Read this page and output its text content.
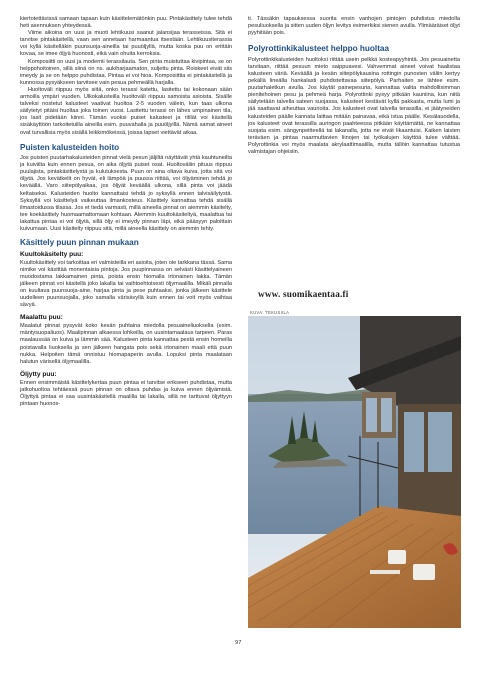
kiertotettävissä samaan tapaan kuin käsittelemätönkin puu. Pintakäsittely tulee tehdä heti asennuksen yhteydessä.

Viime aikoina on uusi ja muoti lehtikuusi saanut jalansijaa terasseissa. Sitä ei tarvitse pintakäsitellä, vaan sen annetaan harmaantua itsestään. Lehtikuusiterassia voi kyllä käsitelläkin puunsuoja-aineilla tai puuöljyllä, mutta koska puu on erittäin kovaa, se imee öljyä huonosti, eikä vain ohuita kerroksia.

Komposiitti on uusi ja modernii terassilauta. Sen pinta muistuttaa kivipintaa, se on helppohoitoinen, sillä siinä on ns. aukiharjaamaton, suljettu pinta. Roiskeet eivät siis imeydy ja se on helppo puhdistaa. Pintaa ei voi hioa. Komposiittia ei pintakäsitellä ja kunnossa pysyäkseen tarvitsee vain pesua pehmeällä harjalla.

Huoltoväli riippuu myös siitä, onko terassi katettu, lasitettu tai kokonaan sään armoilla ympäri vuoden. Ulkokalusteilla huoltoväli riippuu samoista asioista. Sisälle talveksi nostetut kalusteet vaativat huoltoa 2-5 vuoden välein, kun taas ulkona säilytetyt pitäisi huoltaa joka toinen vuosi. Lasitettu terassi on lähes umpinainen tila, jos lasit pidetään kiinni. Tämän vuoksi puiset kalusteet ja ritilät voi käsitellä sisäkäyttöön tarkoitetuilla aineilla esim. puuvahalla ja puuöljyillä. Nämä samat aineet ovat turvallisia myös sisällä leikkimökeissä, joissa lapset viettävät aikaa.

Puisten kalusteiden hoito

Jos puisten puutarhakalusteiden pinnat vielä pesun jäljiltä näyttävät yhtä kauhtuneilta ja kuiviilta kuin ennen pesua, on aika öljytä puiset osat. Huoltoväliin pituus riippuu puulajista, pintakäsittelystä ja kulutuksesta. Puun on aina oltava kuiva, jotta sitä voi öljytä. Jos kevätkelit on hyvät, eli lämpöä ja puussa riittää, voi öljyäminen tehdä jo keväällä. Varo siitepölyaikaa, jos öljyät keväällä ulkona, sillä pinta voi jäädä keltaiseksi. Kalusteiden huolto kannattaisi tehdä jo syksyllä ennen talvisäilytystä. Syksyllä voi käsittelyä vaikeuttaa ilmankosteus. Käsittely kannattaa tehdä sisällä ilmastoidussa tilassa. Jos et tiedä varmasti, millä aineella pinnat on aiemmin käsitelty, tee koekäsittely huomaamattomaan kohtaan. Alemmin kuultokäsiteltyä, maalattua tai lakattua pintaa ei voi öljytä, sillä öljy ei imeydy pinnan läpi, eikä pääsyyn paloittain kuivumaan. Uusi käsitelty riippuu sitä, millä aineella käsittely on aiemmin tehty.

Käsittely puun pinnan mukaan
Kuultokäsitelty puu:

Kuultokäsittely voi tarkoittaa eri valmisteilla eri asioita, joten ole tarkkana tässä. Sama nimike voi käsittää monentaisia pintoja. Jos puupinnassa on selvästi käsittelyaineen muodostama lakkamainen pinta, poista ensin hiomalla irtonainen lakka. Tämän jälkeen pinnat voi käsitellä joko lakalla tai vaihtoehtoisesti öljymaalilla. Mikäli pinnalla on kuultava puunsuoja-aine, harjaa pinta ja pese puhtaaksi, jonka jälkeen käsittele uudelleen puunsuojalla, joko samalla värisävyllä kuin ennen tai voit myös vaihtaa sävyä.

Maalattu puu:

Maalatut pinnat pysyvät koko kesän puhtaina miedolla pesuaineliuoksella (esim. mäntysuopaliuos). Maalipinnan alkaessa lohkeilla, on uusintamaalaus tarpeen. Paras maalaussää on kuiva ja lämmin sää. Kalusteen pinta kannattaa pestä ensin homeilla poistavalla liuoksella ja sen jälkeen hangata pois sekä irtonainen maali että puun nukka. Helpoiten tämä onnistuu hiomapaperin avulla. Lopuksi pinta maalataan halutun värisellä öljymaalilla.

Öljytty puu:

Ennen ensimmäistä käsittelykertaa puun pintaa ei tarvitse erikseen puhdistaa, mutta jatkohuoltoa tehtäessä puun pinnan on oltava puhdas ja kuiva ennen öljyämistä. Öljyttyä pintaa ei saa uusintakäsitellä maalilla tai lakalla, sillä ne tarttuvat öljyttyyn pintaan huonos-

ti. Tässäkin tapauksessa suorita ensin vanhojen pintojen puhdistus miedolla pesuliuoksella ja sitten uuden öljyn levitys esimerkiksi sienen avulla. Ylimääräiset öljyt pyyhitään pois.

Polyrottinkikalusteet helppo huoltaa

Polyrottinkikalusteiden huoltoksi riittää usein pelkkä kosteapyyhintä. Jos pesuainetta tarvitaan, riittää pesuun mieto saippuavesi. Vahvemmat aineet voivat haalistaa kalusteen väriä. Keväällä ja kesän siitepölykausina rottingin punosten väliin kertyy pekällä lineälla hankalasti puhdistettavaa siitepölyä. Parhaiten se lähtee esim. puutarhaletkun avulla. Jos käytät painepesuria, kannattaa valita mahdollisimman pienitehoinen pesu ja pehmeä harja. Polyrottinki pysyy pitkään kauniina, kun niitä säilytetään talvella sateen suojassa, kalusteet kestävät kyllä pakkasta, mutta lumi ja jää saattavat aiheuttaa vaurioita. Jos kalusteet ovat talvella terassilla, ei jäätyneiden kalusteiden päälle kannata laittaa mitään painavaa, eikä istua päälle. Kesälauodella, jos kalusteet ovat terassilla auringon paahteessa pitkään käyttämättä, ne kannattaa suojata esim. sängynpeitteellä tai lakanalla, jotta ne eivät likaantuisi. Kaiken laisten teräväen ja pintaa naarmuttavien liinojen tai työkalujen käyttöä tulee välttää. Polyrottinkia voi myös maalata akrylaattimaalilla, mutta tällöin kannattaa tutustua valmistajan ohjeisiin.

www. suomikaentaa.fi
KUVA: TEKUSIILA
97
